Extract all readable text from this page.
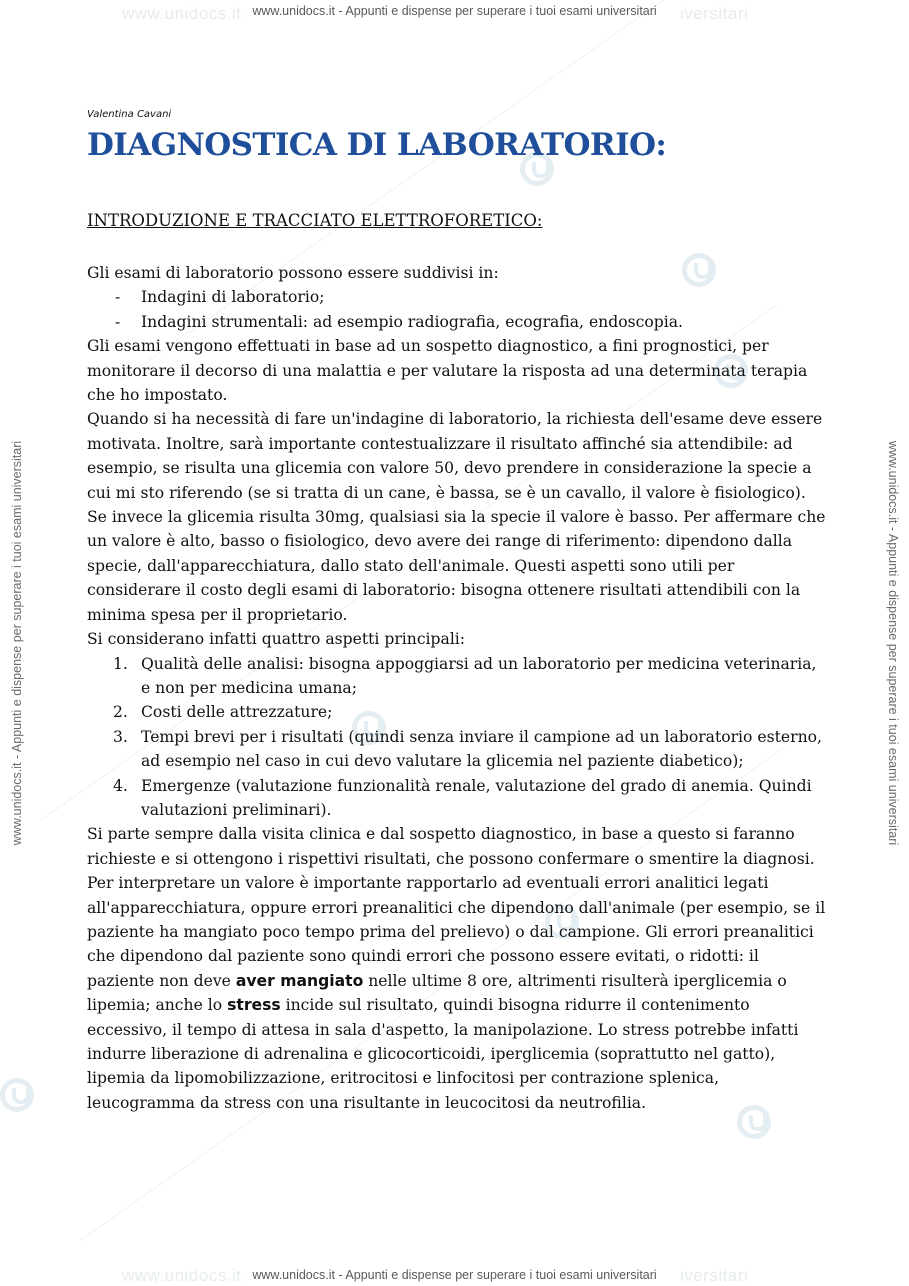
www.unidocs.it	iversitari
www.unidocs.it	iversitari
www.unidocs.it - Appunti e dispense per superare i tuoi esami universitari
www.unidocs.it - Appunti e dispense per superare i tuoi esami universitari
www.unidocs.it - Appunti e dispense per superare i tuoi esami universitari	www.unidocs.it - Appunti e dispense per superare i tuoi esami universitari
Valentina Cavani
DIAGNOSTICA DI LABORATORIO:
INTRODUZIONE E TRACCIATO ELETTROFORETICO:

Gli esami di laboratorio possono essere suddivisi in:

- Indagini di laboratorio;
- Indagini strumentali: ad esempio radiografia, ecografia, endoscopia.

Gli esami vengono effettuati in base ad un sospetto diagnostico, a fini prognostici, per monitorare il decorso di una malattia e per valutare la risposta ad una determinata terapia che ho impostato.

Quando si ha necessità di fare un'indagine di laboratorio, la richiesta dell'esame deve essere motivata. Inoltre, sarà importante contestualizzare il risultato affinché sia attendibile: ad esempio, se risulta una glicemia con valore 50, devo prendere in considerazione la specie a cui mi sto riferendo (se si tratta di un cane, è bassa, se è un cavallo, il valore è fisiologico). Se invece la glicemia risulta 30mg, qualsiasi sia la specie il valore è basso. Per affermare che un valore è alto, basso o fisiologico, devo avere dei range di riferimento: dipendono dalla specie, dall'apparecchiatura, dallo stato dell'animale. Questi aspetti sono utili per considerare il costo degli esami di laboratorio: bisogna ottenere risultati attendibili con la minima spesa per il proprietario.

Si considerano infatti quattro aspetti principali:

1. Qualità delle analisi: bisogna appoggiarsi ad un laboratorio per medicina veterinaria, e non per medicina umana;
2. Costi delle attrezzature;
3. Tempi brevi per i risultati (quindi senza inviare il campione ad un laboratorio esterno, ad esempio nel caso in cui devo valutare la glicemia nel paziente diabetico);
4. Emergenze (valutazione funzionalità renale, valutazione del grado di anemia. Quindi valutazioni preliminari).

Si parte sempre dalla visita clinica e dal sospetto diagnostico, in base a questo si faranno richieste e si ottengono i rispettivi risultati, che possono confermare o smentire la diagnosi.

Per interpretare un valore è importante rapportarlo ad eventuali errori analitici legati all'apparecchiatura, oppure errori preanalitici che dipendono dall'animale (per esempio, se il paziente ha mangiato poco tempo prima del prelievo) o dal campione. Gli errori preanalitici che dipendono dal paziente sono quindi errori che possono essere evitati, o ridotti: il paziente non deve aver mangiato nelle ultime 8 ore, altrimenti risulterà iperglicemia o lipemia; anche lo stress incide sul risultato, quindi bisogna ridurre il contenimento eccessivo, il tempo di attesa in sala d'aspetto, la manipolazione. Lo stress potrebbe infatti indurre liberazione di adrenalina e glicocorticoidi, iperglicemia (soprattutto nel gatto), lipemia da lipomobilizzazione, eritrocitosi e linfocitosi per contrazione splenica, leucogramma da stress con una risultante in leucocitosi da neutrofilia.
